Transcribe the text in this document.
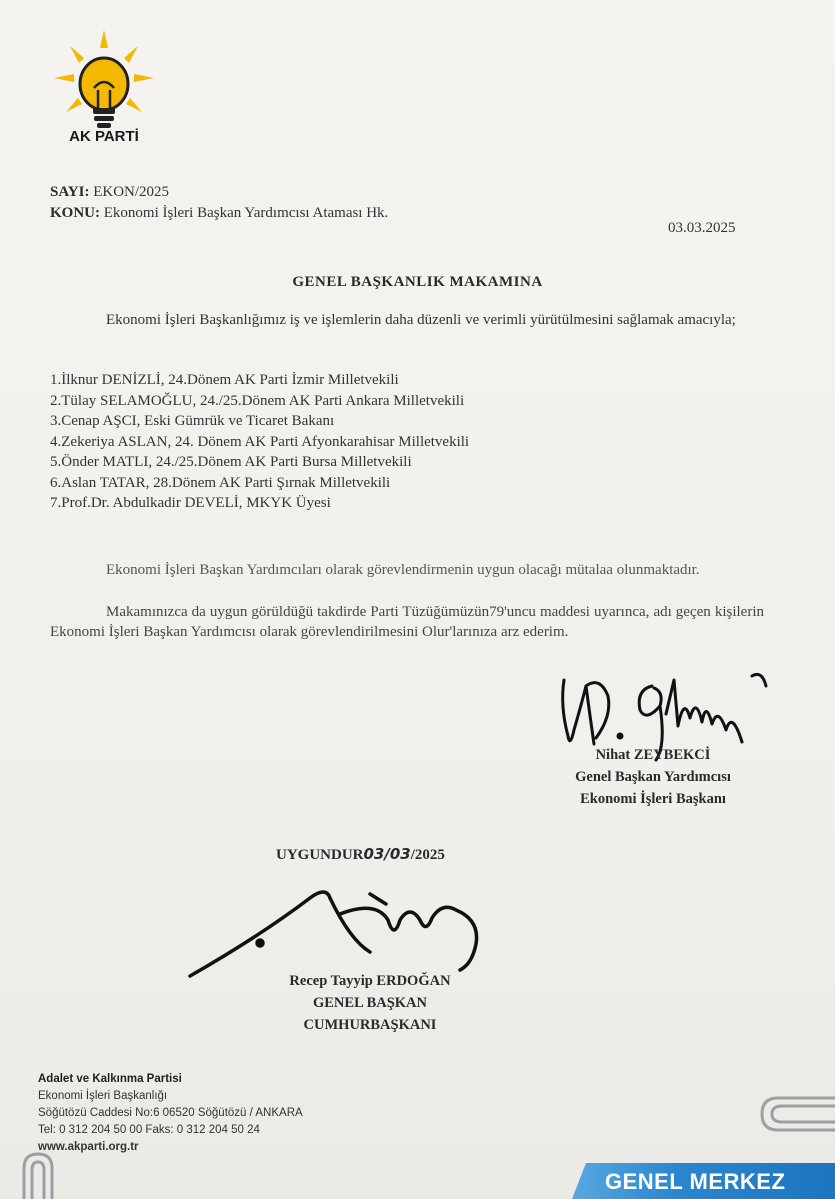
AK PARTİ
SAYI: EKON/2025
KONU: Ekonomi İşleri Başkan Yardımcısı Ataması Hk.
03.03.2025
GENEL BAŞKANLIK MAKAMINA
Ekonomi İşleri Başkanlığımız iş ve işlemlerin daha düzenli ve verimli yürütülmesini sağlamak amacıyla;
1.İlknur DENİZLİ, 24.Dönem AK Parti İzmir Milletvekili
2.Tülay SELAMOĞLU, 24./25.Dönem AK Parti Ankara Milletvekili
3.Cenap AŞCI, Eski Gümrük ve Ticaret Bakanı
4.Zekeriya ASLAN, 24. Dönem AK Parti Afyonkarahisar Milletvekili
5.Önder MATLI, 24./25.Dönem AK Parti Bursa Milletvekili
6.Aslan TATAR, 28.Dönem AK Parti Şırnak Milletvekili
7.Prof.Dr. Abdulkadir DEVELİ, MKYK Üyesi
Ekonomi İşleri Başkan Yardımcıları olarak görevlendirmenin uygun olacağı mütalaa olunmaktadır.
Makamınızca da uygun görüldüğü takdirde Parti Tüzüğümüzün79'uncu maddesi uyarınca, adı geçen kişilerin Ekonomi İşleri Başkan Yardımcısı olarak görevlendirilmesini Olur'larınıza arz ederim.
Nihat ZEYBEKCİ
Genel Başkan Yardımcısı
Ekonomi İşleri Başkanı
UYGUNDUR03/03/2025
Recep Tayyip ERDOĞAN
GENEL BAŞKAN
CUMHURBAŞKANI
Adalet ve Kalkınma Partisi
Ekonomi İşleri Başkanlığı
Söğütözü Caddesi No:6 06520 Söğütözü / ANKARA
Tel: 0 312 204 50 00 Faks: 0 312 204 50 24
www.akparti.org.tr
GENEL MERKEZ
